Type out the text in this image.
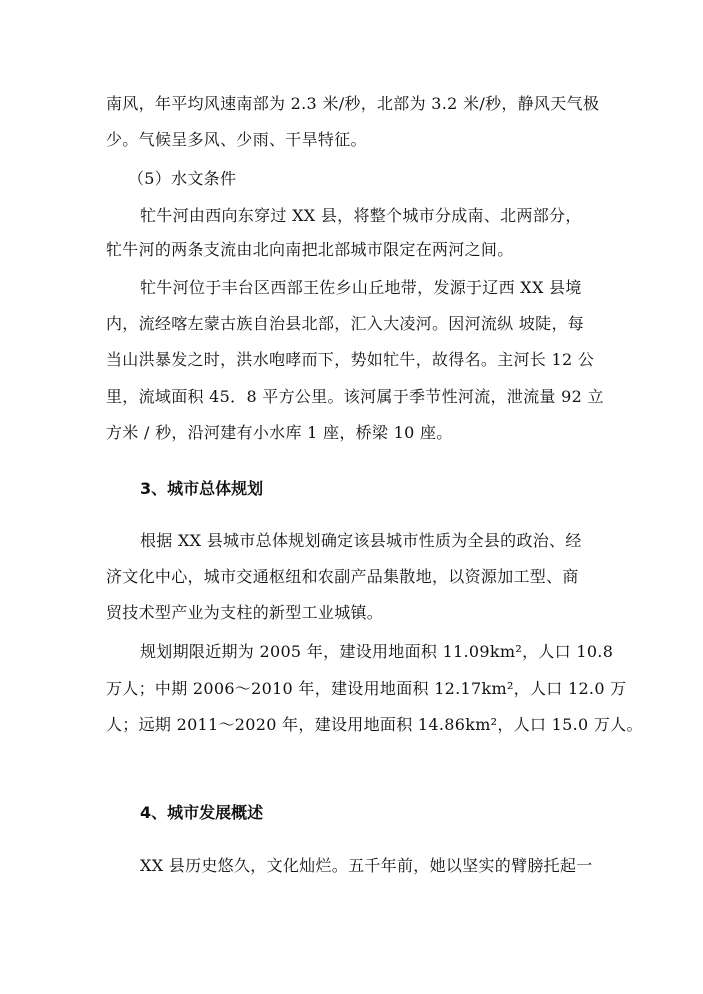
南风，年平均风速南部为 2.3 米/秒，北部为 3.2 米/秒，静风天气极
少。气候呈多风、少雨、干旱特征。
（5）水文条件
牤牛河由西向东穿过 XX 县，将整个城市分成南、北两部分，
牤牛河的两条支流由北向南把北部城市限定在两河之间。
牤牛河位于丰台区西部王佐乡山丘地带，发源于辽西 XX 县境
内，流经喀左蒙古族自治县北部，汇入大凌河。因河流纵 坡陡，每
当山洪暴发之时，洪水咆哮而下，势如牤牛，故得名。主河长 12 公
里，流域面积 45．8 平方公里。该河属于季节性河流，泄流量 92 立
方米 / 秒，沿河建有小水库 1 座，桥梁 10 座。
3、城市总体规划
根据 XX 县城市总体规划确定该县城市性质为全县的政治、经
济文化中心，城市交通枢纽和农副产品集散地，以资源加工型、商
贸技术型产业为支柱的新型工业城镇。
规划期限近期为 2005 年，建设用地面积 11.09km²，人口 10.8
万人；中期 2006～2010 年，建设用地面积 12.17km²，人口 12.0 万
人；远期 2011～2020 年，建设用地面积 14.86km²，人口 15.0 万人。
4、城市发展概述
XX 县历史悠久，文化灿烂。五千年前，她以坚实的臂膀托起一
